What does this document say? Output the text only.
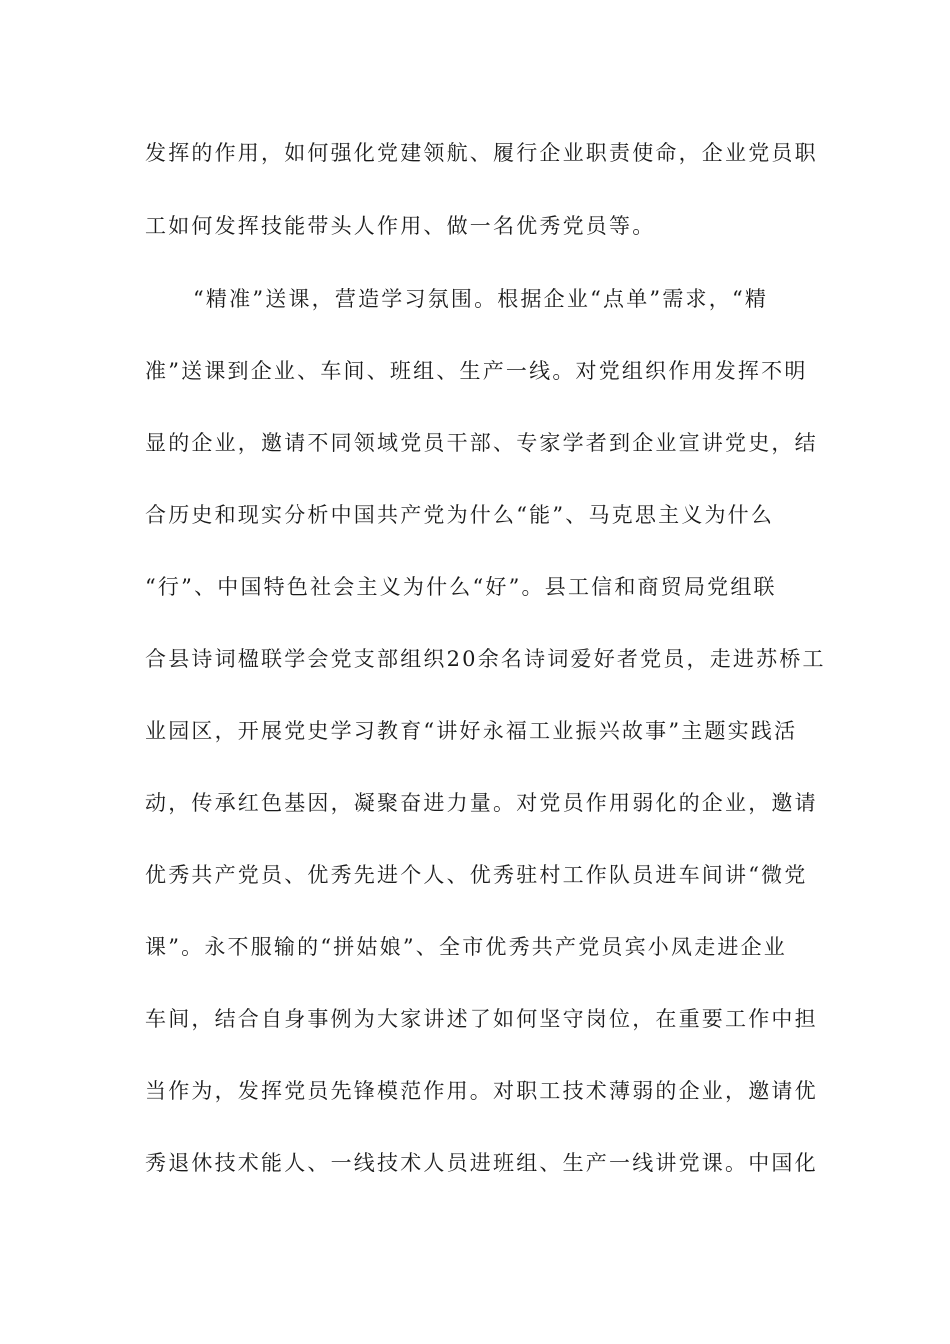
发挥的作用，如何强化党建领航、履行企业职责使命，企业党员职
工如何发挥技能带头人作用、做一名优秀党员等。
“精准”送课，营造学习氛围。根据企业“点单”需求，“精
准”送课到企业、车间、班组、生产一线。对党组织作用发挥不明
显的企业，邀请不同领域党员干部、专家学者到企业宣讲党史，结
合历史和现实分析中国共产党为什么“能”、马克思主义为什么
“行”、中国特色社会主义为什么“好”。县工信和商贸局党组联
合县诗词楹联学会党支部组织20余名诗词爱好者党员，走进苏桥工
业园区，开展党史学习教育“讲好永福工业振兴故事”主题实践活
动，传承红色基因，凝聚奋进力量。对党员作用弱化的企业，邀请
优秀共产党员、优秀先进个人、优秀驻村工作队员进车间讲“微党
课”。永不服输的“拼姑娘”、全市优秀共产党员宾小凤走进企业
车间，结合自身事例为大家讲述了如何坚守岗位，在重要工作中担
当作为，发挥党员先锋模范作用。对职工技术薄弱的企业，邀请优
秀退休技术能人、一线技术人员进班组、生产一线讲党课。中国化
